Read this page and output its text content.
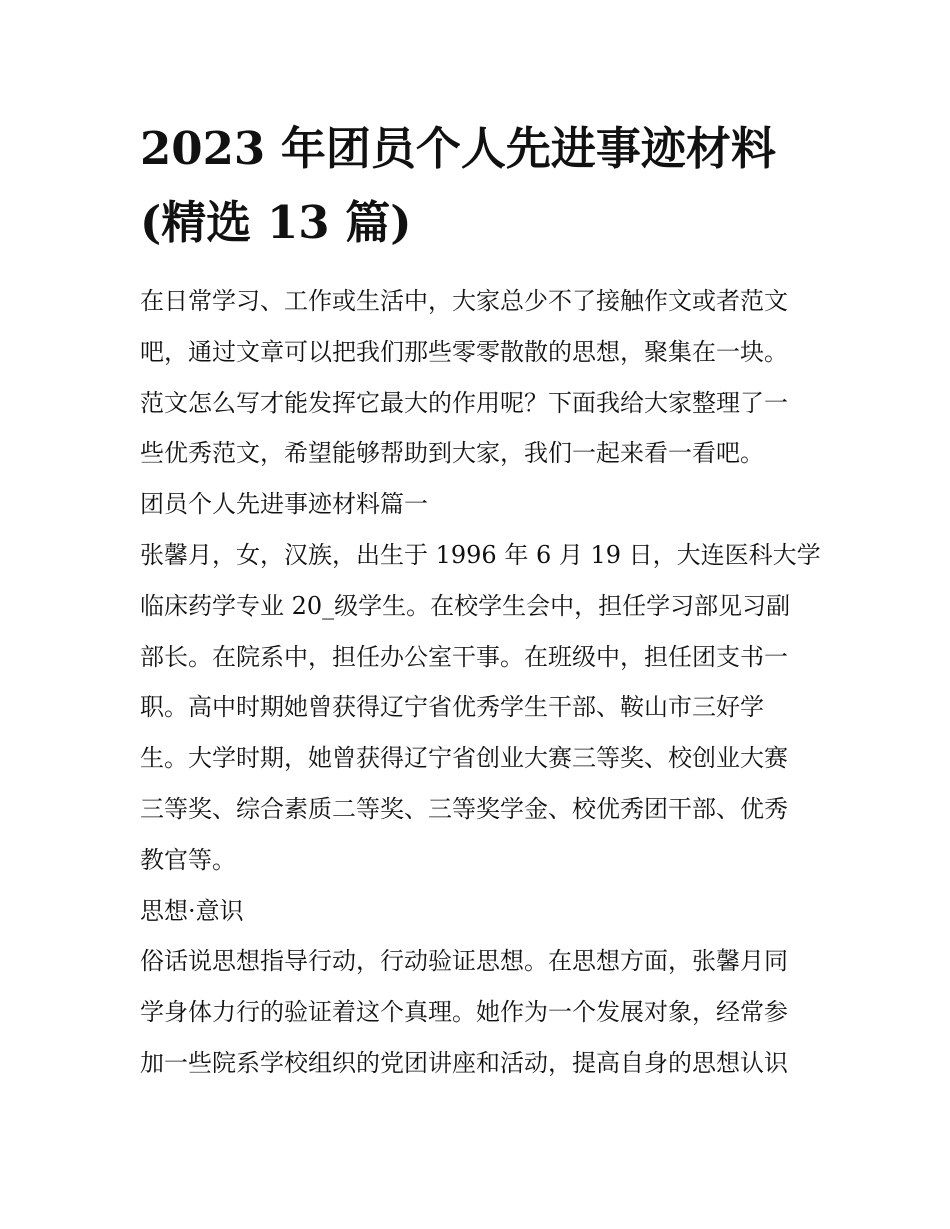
2023 年团员个人先进事迹材料
(精选 13 篇)

在日常学习、工作或生活中，大家总少不了接触作文或者范文

吧，通过文章可以把我们那些零零散散的思想，聚集在一块。

范文怎么写才能发挥它最大的作用呢？下面我给大家整理了一

些优秀范文，希望能够帮助到大家，我们一起来看一看吧。

团员个人先进事迹材料篇一

张馨月，女，汉族，出生于 1996 年 6 月 19 日，大连医科大学

临床药学专业 20_级学生。在校学生会中，担任学习部见习副

部长。在院系中，担任办公室干事。在班级中，担任团支书一

职。高中时期她曾获得辽宁省优秀学生干部、鞍山市三好学

生。大学时期，她曾获得辽宁省创业大赛三等奖、校创业大赛

三等奖、综合素质二等奖、三等奖学金、校优秀团干部、优秀

教官等。

思想·意识

俗话说思想指导行动，行动验证思想。在思想方面，张馨月同

学身体力行的验证着这个真理。她作为一个发展对象，经常参

加一些院系学校组织的党团讲座和活动，提高自身的思想认识
